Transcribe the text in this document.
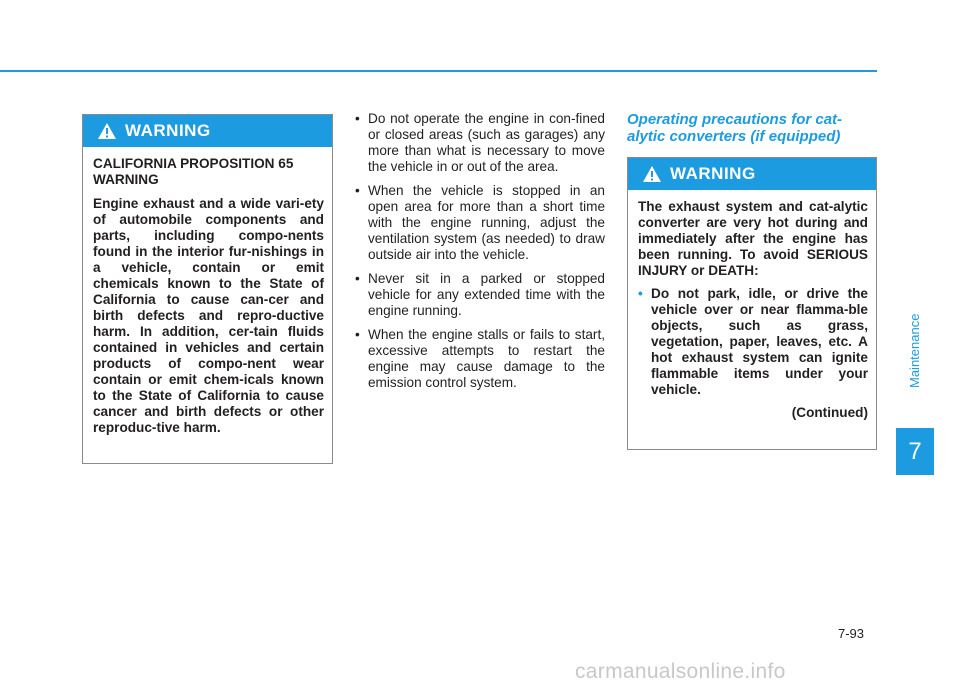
WARNING

CALIFORNIA PROPOSITION 65 WARNING

Engine exhaust and a wide vari-ety of automobile components and parts, including compo-nents found in the interior fur-nishings in a vehicle, contain or emit chemicals known to the State of California to cause can-cer and birth defects and repro-ductive harm. In addition, cer-tain fluids contained in vehicles and certain products of compo-nent wear contain or emit chem-icals known to the State of California to cause cancer and birth defects or other reproduc-tive harm.

• Do not operate the engine in con-fined or closed areas (such as garages) any more than what is necessary to move the vehicle in or out of the area.
• When the vehicle is stopped in an open area for more than a short time with the engine running, adjust the ventilation system (as needed) to draw outside air into the vehicle.
• Never sit in a parked or stopped vehicle for any extended time with the engine running.
• When the engine stalls or fails to start, excessive attempts to restart the engine may cause damage to the emission control system.
Operating precautions for cat-alytic converters (if equipped)
WARNING

The exhaust system and cat-alytic converter are very hot during and immediately after the engine has been running. To avoid SERIOUS INJURY or DEATH:

• Do not park, idle, or drive the vehicle over or near flamma-ble objects, such as grass, vegetation, paper, leaves, etc. A hot exhaust system can ignite flammable items under your vehicle.
(Continued)
Maintenance
7
7-93
carmanualsonline.info
